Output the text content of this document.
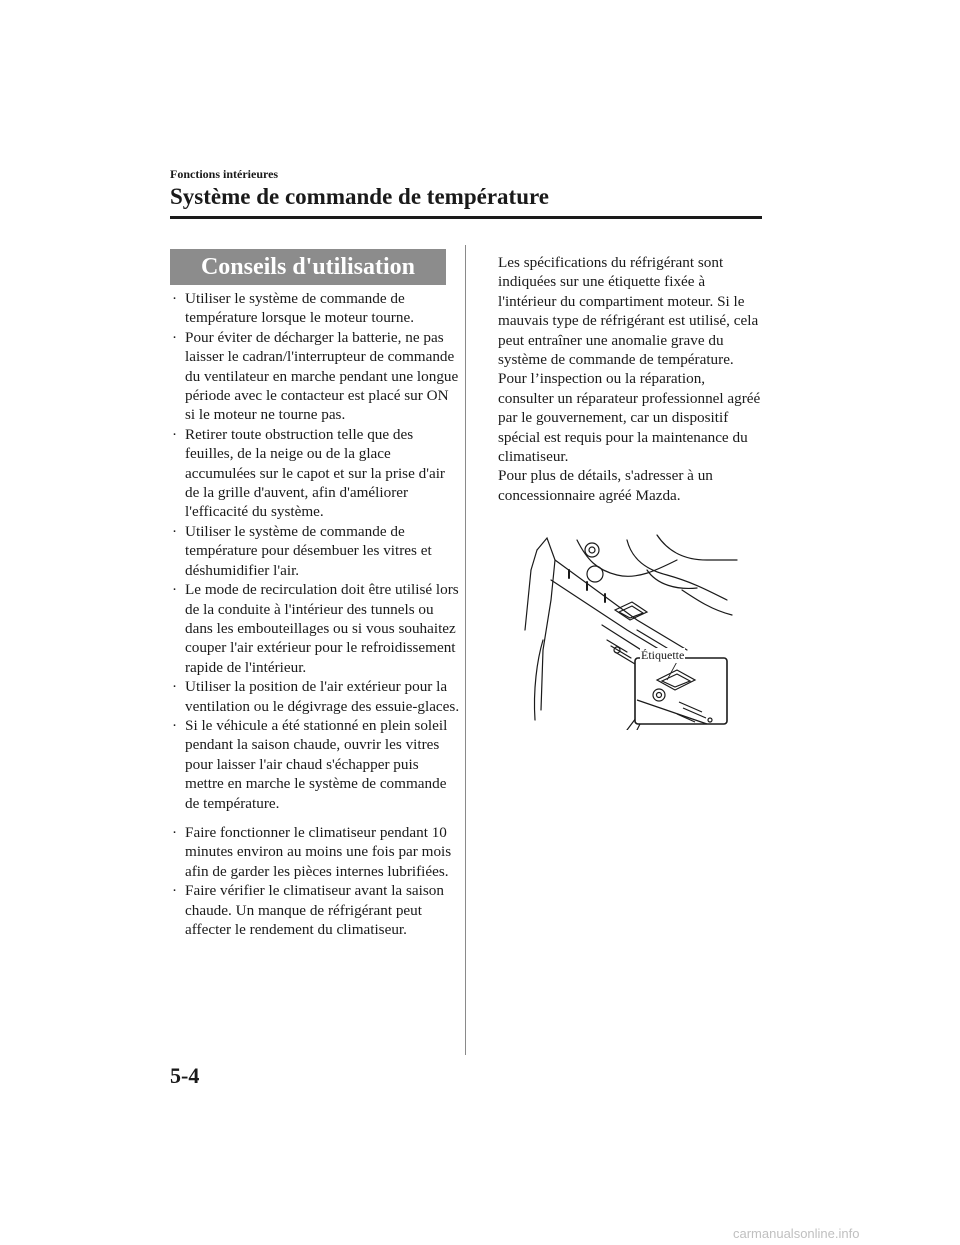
Fonctions intérieures
Système de commande de température
Conseils d'utilisation
· Utiliser le système de commande de température lorsque le moteur tourne.
· Pour éviter de décharger la batterie, ne pas laisser le cadran/l'interrupteur de commande du ventilateur en marche pendant une longue période avec le contacteur est placé sur ON si le moteur ne tourne pas.
· Retirer toute obstruction telle que des feuilles, de la neige ou de la glace accumulées sur le capot et sur la prise d'air de la grille d'auvent, afin d'améliorer l'efficacité du système.
· Utiliser le système de commande de température pour désembuer les vitres et déshumidifier l'air.
· Le mode de recirculation doit être utilisé lors de la conduite à l'intérieur des tunnels ou dans les embouteillages ou si vous souhaitez couper l'air extérieur pour le refroidissement rapide de l'intérieur.
· Utiliser la position de l'air extérieur pour la ventilation ou le dégivrage des essuie-glaces.
· Si le véhicule a été stationné en plein soleil pendant la saison chaude, ouvrir les vitres pour laisser l'air chaud s'échapper puis mettre en marche le système de commande de température.
· Faire fonctionner le climatiseur pendant 10 minutes environ au moins une fois par mois afin de garder les pièces internes lubrifiées.
· Faire vérifier le climatiseur avant la saison chaude. Un manque de réfrigérant peut affecter le rendement du climatiseur.
Les spécifications du réfrigérant sont indiquées sur une étiquette fixée à l'intérieur du compartiment moteur. Si le mauvais type de réfrigérant est utilisé, cela peut entraîner une anomalie grave du système de commande de température. Pour l’inspection ou la réparation, consulter un réparateur professionnel agréé par le gouvernement, car un dispositif spécial est requis pour la maintenance du climatiseur.
Pour plus de détails, s'adresser à un concessionnaire agréé Mazda.
Étiquette
5-4
carmanualsonline.info
